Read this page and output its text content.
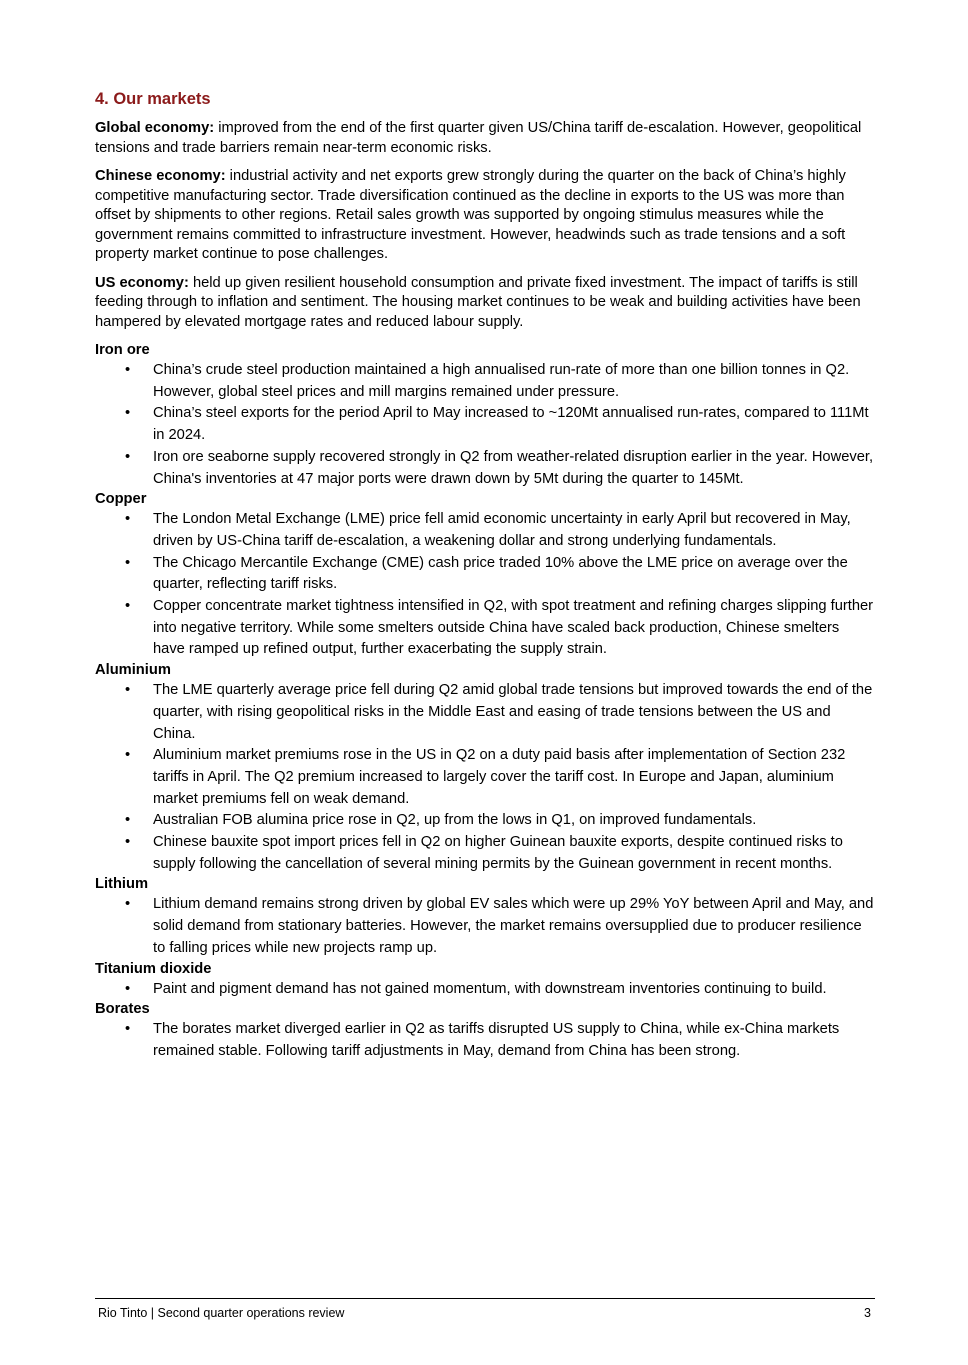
4. Our markets

Global economy: improved from the end of the first quarter given US/China tariff de-escalation. However, geopolitical tensions and trade barriers remain near-term economic risks.

Chinese economy: industrial activity and net exports grew strongly during the quarter on the back of China’s highly competitive manufacturing sector. Trade diversification continued as the decline in exports to the US was more than offset by shipments to other regions. Retail sales growth was supported by ongoing stimulus measures while the government remains committed to infrastructure investment. However, headwinds such as trade tensions and a soft property market continue to pose challenges.

US economy: held up given resilient household consumption and private fixed investment. The impact of tariffs is still feeding through to inflation and sentiment. The housing market continues to be weak and building activities have been hampered by elevated mortgage rates and reduced labour supply.

Iron ore
• China’s crude steel production maintained a high annualised run-rate of more than one billion tonnes in Q2. However, global steel prices and mill margins remained under pressure.
• China’s steel exports for the period April to May increased to ~120Mt annualised run-rates, compared to 111Mt in 2024.
• Iron ore seaborne supply recovered strongly in Q2 from weather-related disruption earlier in the year. However, China's inventories at 47 major ports were drawn down by 5Mt during the quarter to 145Mt.
Copper
• The London Metal Exchange (LME) price fell amid economic uncertainty in early April but recovered in May, driven by US-China tariff de-escalation, a weakening dollar and strong underlying fundamentals.
• The Chicago Mercantile Exchange (CME) cash price traded 10% above the LME price on average over the quarter, reflecting tariff risks.
• Copper concentrate market tightness intensified in Q2, with spot treatment and refining charges slipping further into negative territory. While some smelters outside China have scaled back production, Chinese smelters have ramped up refined output, further exacerbating the supply strain.
Aluminium
• The LME quarterly average price fell during Q2 amid global trade tensions but improved towards the end of the quarter, with rising geopolitical risks in the Middle East and easing of trade tensions between the US and China.
• Aluminium market premiums rose in the US in Q2 on a duty paid basis after implementation of Section 232 tariffs in April. The Q2 premium increased to largely cover the tariff cost. In Europe and Japan, aluminium market premiums fell on weak demand.
• Australian FOB alumina price rose in Q2, up from the lows in Q1, on improved fundamentals.
• Chinese bauxite spot import prices fell in Q2 on higher Guinean bauxite exports, despite continued risks to supply following the cancellation of several mining permits by the Guinean government in recent months.
Lithium
• Lithium demand remains strong driven by global EV sales which were up 29% YoY between April and May, and solid demand from stationary batteries. However, the market remains oversupplied due to producer resilience to falling prices while new projects ramp up.
Titanium dioxide
• Paint and pigment demand has not gained momentum, with downstream inventories continuing to build.
Borates
• The borates market diverged earlier in Q2 as tariffs disrupted US supply to China, while ex-China markets remained stable. Following tariff adjustments in May, demand from China has been strong.
Rio Tinto | Second quarter operations review	3
